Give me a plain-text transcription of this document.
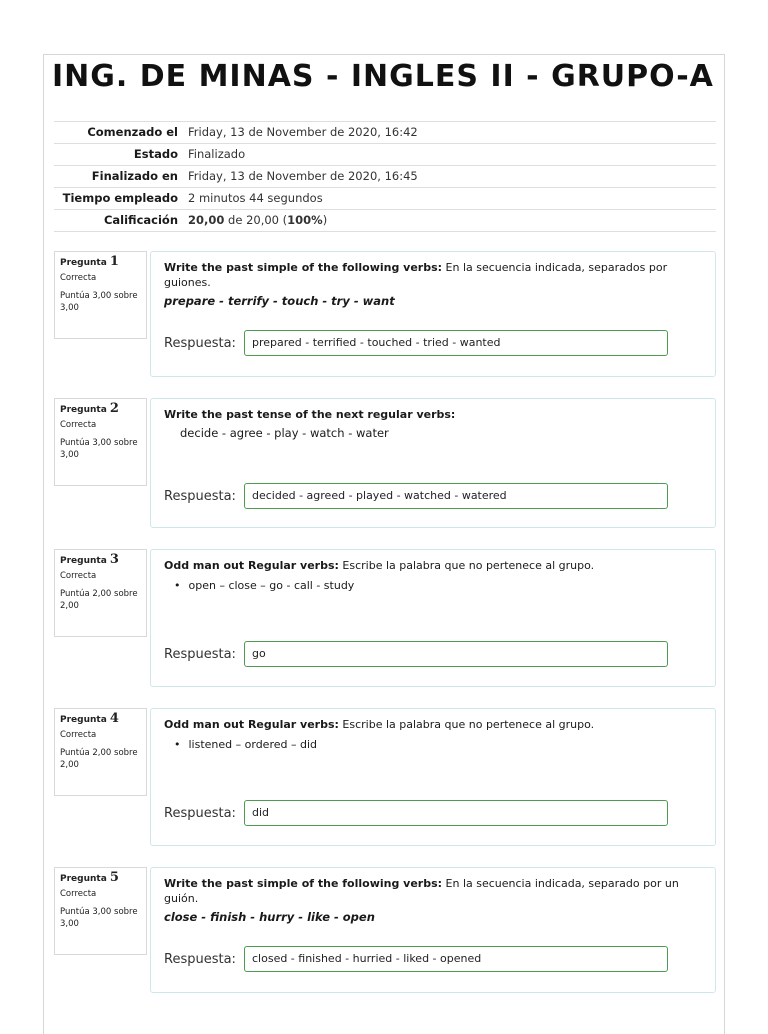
ING. DE MINAS - INGLES II - GRUPO-A
Comenzado el	Friday, 13 de November de 2020, 16:42
Estado	Finalizado
Finalizado en	Friday, 13 de November de 2020, 16:45
Tiempo empleado	2 minutos 44 segundos
Calificación	20,00 de 20,00 (100%)
Pregunta 1
Correcta
Puntúa 3,00 sobre 3,00
Write the past simple of the following verbs: En la secuencia indicada, separados por guiones.
prepare - terrify - touch - try - want
Respuesta:	prepared - terrified - touched - tried - wanted
Pregunta 2
Correcta
Puntúa 3,00 sobre 3,00
Write the past tense of the next regular verbs:
decide - agree - play - watch - water
Respuesta:	decided - agreed - played - watched - watered
Pregunta 3
Correcta
Puntúa 2,00 sobre 2,00
Odd man out Regular verbs: Escribe la palabra que no pertenece al grupo.
• open – close – go - call - study
Respuesta:	go
Pregunta 4
Correcta
Puntúa 2,00 sobre 2,00
Odd man out Regular verbs: Escribe la palabra que no pertenece al grupo.
• listened – ordered – did
Respuesta:	did
Pregunta 5
Correcta
Puntúa 3,00 sobre 3,00
Write the past simple of the following verbs: En la secuencia indicada, separado por un guión.
close - finish - hurry - like - open
Respuesta:	closed - finished - hurried - liked - opened
